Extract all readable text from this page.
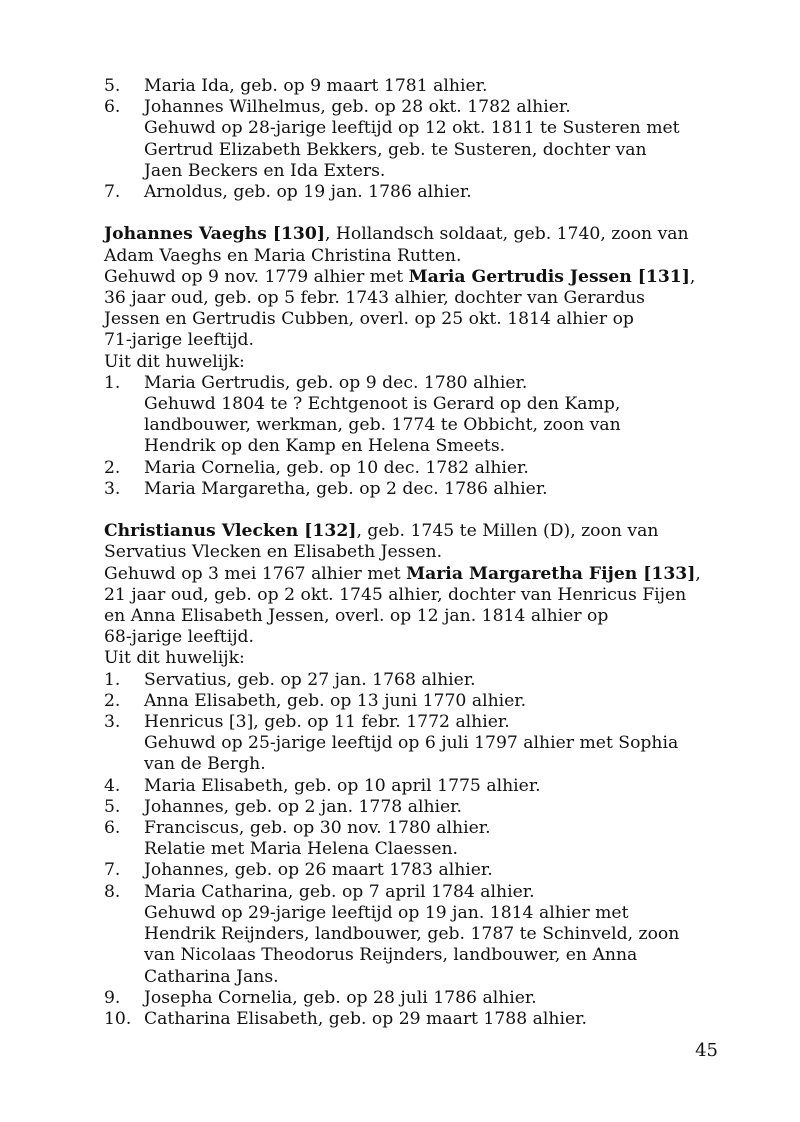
5.	Maria Ida, geb. op 9 maart 1781 alhier.
6.	Johannes Wilhelmus, geb. op 28 okt. 1782 alhier.
Gehuwd op 28-jarige leeftijd op 12 okt. 1811 te Susteren met
Gertrud Elizabeth Bekkers, geb. te Susteren, dochter van
Jaen Beckers en Ida Exters.
7.	Arnoldus, geb. op 19 jan. 1786 alhier.
Johannes Vaeghs [130], Hollandsch soldaat, geb. 1740, zoon van
Adam Vaeghs en Maria Christina Rutten.
Gehuwd op 9 nov. 1779 alhier met Maria Gertrudis Jessen [131],
36 jaar oud, geb. op 5 febr. 1743 alhier, dochter van Gerardus
Jessen en Gertrudis Cubben, overl. op 25 okt. 1814 alhier op
71-jarige leeftijd.
Uit dit huwelijk:
1.	Maria Gertrudis, geb. op 9 dec. 1780 alhier.
Gehuwd 1804 te ? Echtgenoot is Gerard op den Kamp,
landbouwer, werkman, geb. 1774 te Obbicht, zoon van
Hendrik op den Kamp en Helena Smeets.
2.	Maria Cornelia, geb. op 10 dec. 1782 alhier.
3.	Maria Margaretha, geb. op 2 dec. 1786 alhier.
Christianus Vlecken [132], geb. 1745 te Millen (D), zoon van
Servatius Vlecken en Elisabeth Jessen.
Gehuwd op 3 mei 1767 alhier met Maria Margaretha Fijen [133],
21 jaar oud, geb. op 2 okt. 1745 alhier, dochter van Henricus Fijen
en Anna Elisabeth Jessen, overl. op 12 jan. 1814 alhier op
68-jarige leeftijd.
Uit dit huwelijk:
1.	Servatius, geb. op 27 jan. 1768 alhier.
2.	Anna Elisabeth, geb. op 13 juni 1770 alhier.
3.	Henricus [3], geb. op 11 febr. 1772 alhier.
Gehuwd op 25-jarige leeftijd op 6 juli 1797 alhier met Sophia
van de Bergh.
4.	Maria Elisabeth, geb. op 10 april 1775 alhier.
5.	Johannes, geb. op 2 jan. 1778 alhier.
6.	Franciscus, geb. op 30 nov. 1780 alhier.
Relatie met Maria Helena Claessen.
7.	Johannes, geb. op 26 maart 1783 alhier.
8.	Maria Catharina, geb. op 7 april 1784 alhier.
Gehuwd op 29-jarige leeftijd op 19 jan. 1814 alhier met
Hendrik Reijnders, landbouwer, geb. 1787 te Schinveld, zoon
van Nicolaas Theodorus Reijnders, landbouwer, en Anna
Catharina Jans.
9.	Josepha Cornelia, geb. op 28 juli 1786 alhier.
10. Catharina Elisabeth, geb. op 29 maart 1788 alhier.
45
